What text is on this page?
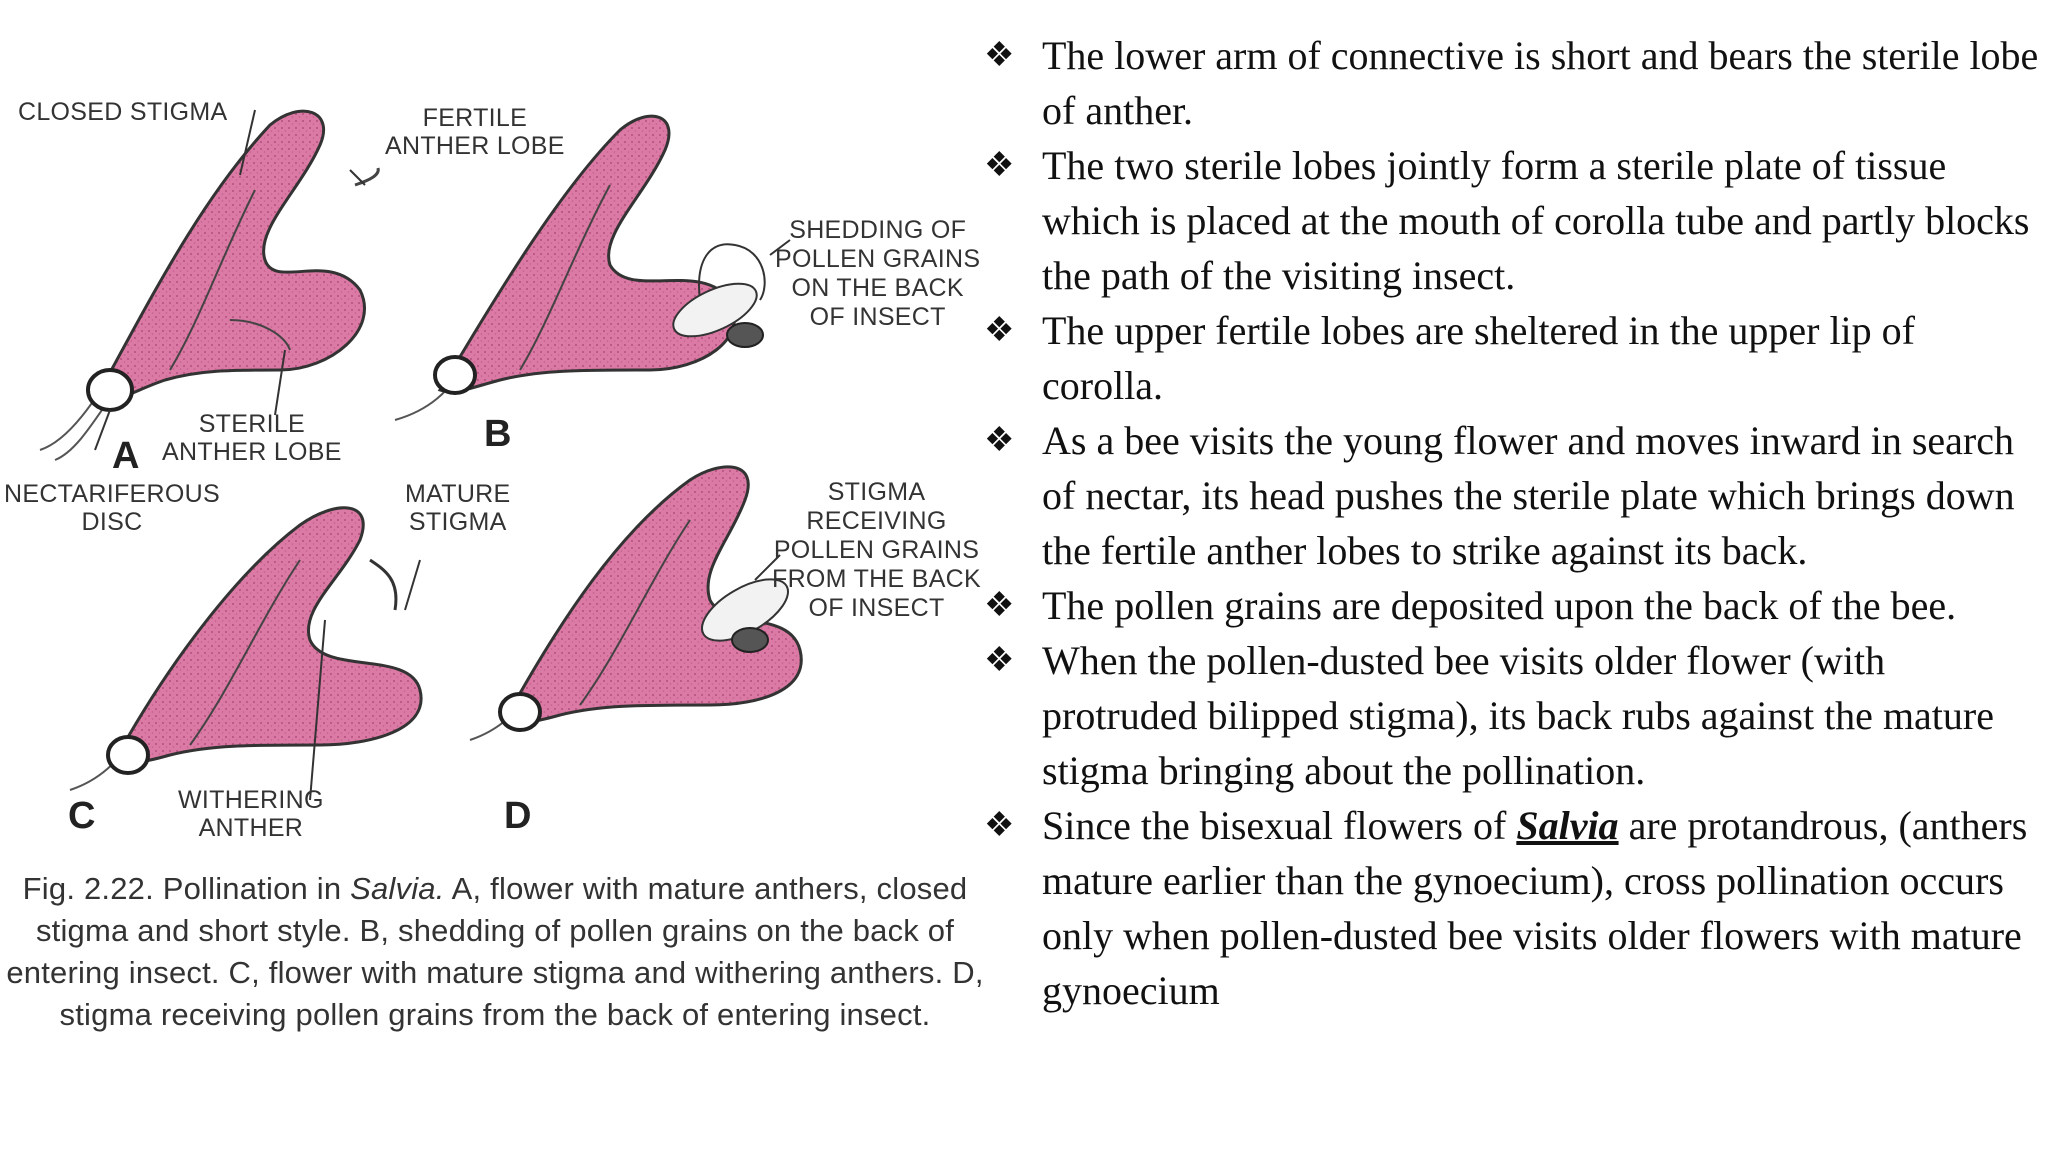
CLOSED STIGMA	FERTILE
ANTHER LOBE
SHEDDING OF
POLLEN GRAINS
ON THE BACK
OF INSECT
STERILE
ANTHER LOBE
NECTARIFEROUS
DISC
MATURE
STIGMA
STIGMA
RECEIVING
POLLEN GRAINS
FROM THE BACK
OF INSECT
WITHERING
ANTHER
A
B
C	D
Fig. 2.22. Pollination in Salvia. A, flower with mature anthers, closed stigma and short style. B, shedding of pollen grains on the back of entering insect. C, flower with mature stigma and withering anthers. D, stigma receiving pollen grains from the back of entering insect.
❖ The lower arm of connective is short and bears the sterile lobe of anther.
❖ The two sterile lobes jointly form a sterile plate of tissue which is placed at the mouth of corolla tube and partly blocks the path of the visiting insect.
❖ The upper fertile lobes are sheltered in the upper lip of corolla.
❖ As a bee visits the young flower and moves inward in search of nectar, its head pushes the sterile plate which brings down the fertile anther lobes to strike against its back.
❖ The pollen grains are deposited upon the back of the bee.
❖ When the pollen-dusted bee visits older flower (with protruded bilipped stigma), its back rubs against the mature stigma bringing about the pollination.
❖ Since the bisexual flowers of Salvia are protandrous, (anthers mature earlier than the gynoecium), cross pollination occurs only when pollen-dusted bee visits older flowers with mature gynoecium
